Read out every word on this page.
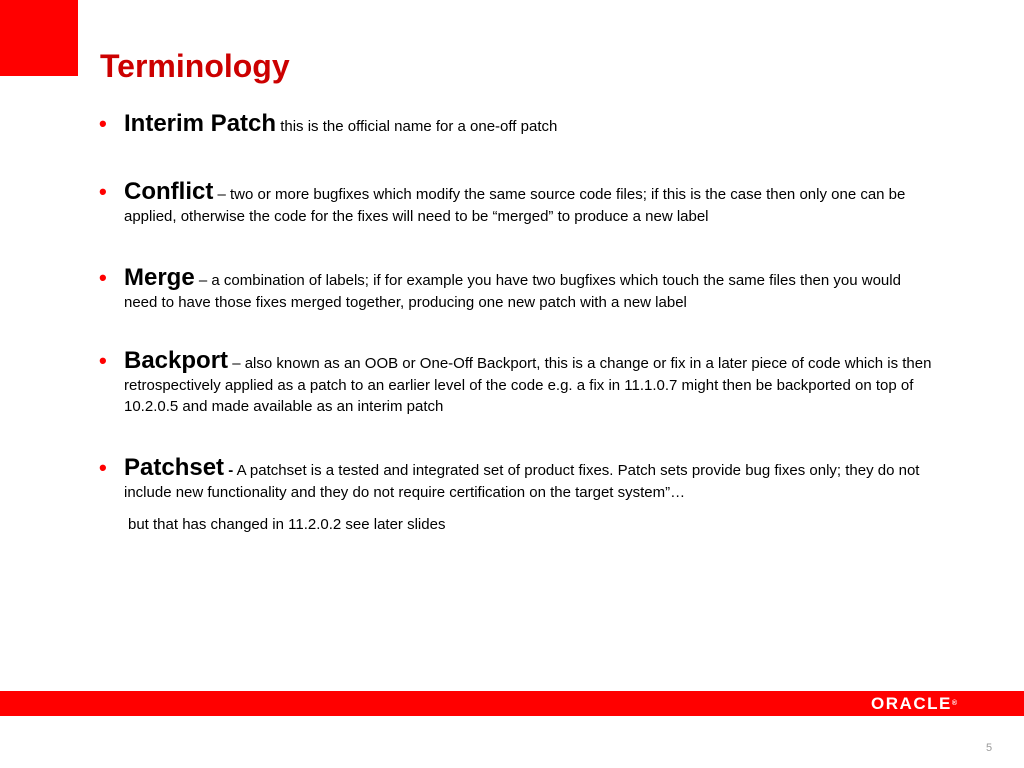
Terminology

• Interim Patch this is the official name for a one-off patch

• Conflict – two or more bugfixes which modify the same source code files; if this is the case then only one can be applied, otherwise the code for the fixes will need to be “merged” to produce a new label

• Merge – a combination of labels; if for example you have two bugfixes which touch the same files then you would need to have those fixes merged together, producing one new patch with a new label

• Backport – also known as an OOB or One-Off Backport, this is a change or fix in a later piece of code which is then retrospectively applied as a patch to an earlier level of the code e.g. a fix in 11.1.0.7 might then be backported on top of 10.2.0.5 and made available as an interim patch

• Patchset - A patchset is a tested and integrated set of product fixes. Patch sets provide bug fixes only; they do not include new functionality and they do not require certification on the target system”…

but that has changed in 11.2.0.2 see later slides

ORACLE®
5
